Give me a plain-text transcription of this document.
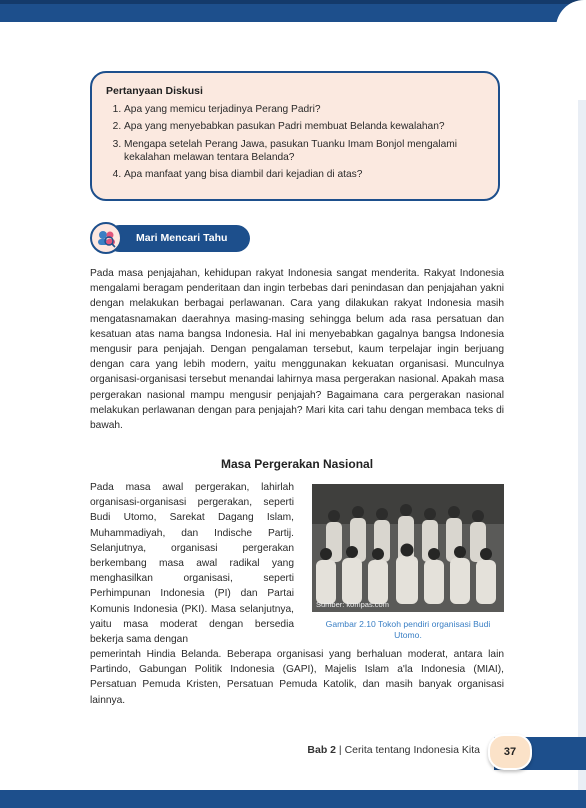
Pertanyaan Diskusi
1. Apa yang memicu terjadinya Perang Padri?
2. Apa yang menyebabkan pasukan Padri membuat Belanda kewalahan?
3. Mengapa setelah Perang Jawa, pasukan Tuanku Imam Bonjol mengalami kekalahan melawan tentara Belanda?
4. Apa manfaat yang bisa diambil dari kejadian di atas?
Mari Mencari Tahu

Pada masa penjajahan, kehidupan rakyat Indonesia sangat menderita. Rakyat Indonesia mengalami beragam penderitaan dan ingin terbebas dari penindasan dan penjajahan yakni dengan melakukan berbagai perlawanan. Cara yang dilakukan rakyat Indonesia masih mengatasnamakan daerahnya masing-masing sehingga belum ada rasa persatuan dan kesatuan atas nama bangsa Indonesia. Hal ini menyebabkan gagalnya bangsa Indonesia mengusir para penjajah. Dengan pengalaman tersebut, kaum terpelajar ingin berjuang dengan cara yang lebih modern, yaitu menggunakan kekuatan organisasi. Munculnya organisasi-organisasi tersebut menandai lahirnya masa pergerakan nasional. Apakah masa pergerakan nasional mampu mengusir penjajah? Bagaimana cara pergerakan nasional melakukan perlawanan dengan para penjajah? Mari kita cari tahu dengan membaca teks di bawah.

Masa Pergerakan Nasional

Pada masa awal pergerakan, lahirlah organisasi-organisasi pergerakan, seperti Budi Utomo, Sarekat Dagang Islam, Muhammadiyah, dan Indische Partij. Selanjutnya, organisasi pergerakan berkembang masa awal radikal yang menghasilkan organisasi, seperti Perhimpunan Indonesia (PI) dan Partai Komunis Indonesia (PKI). Masa selanjutnya, yaitu masa moderat dengan bersedia bekerja sama dengan

Sumber: kompas.com

Gambar 2.10 Tokoh pendiri organisasi Budi Utomo.

pemerintah Hindia Belanda. Beberapa organisasi yang berhaluan moderat, antara lain Partindo, Gabungan Politik Indonesia (GAPI), Majelis Islam a'la Indonesia (MIAI), Persatuan Pemuda Kristen, Persatuan Pemuda Katolik, dan masih banyak organisasi lainnya.

Bab 2 | Cerita tentang Indonesia Kita	37
